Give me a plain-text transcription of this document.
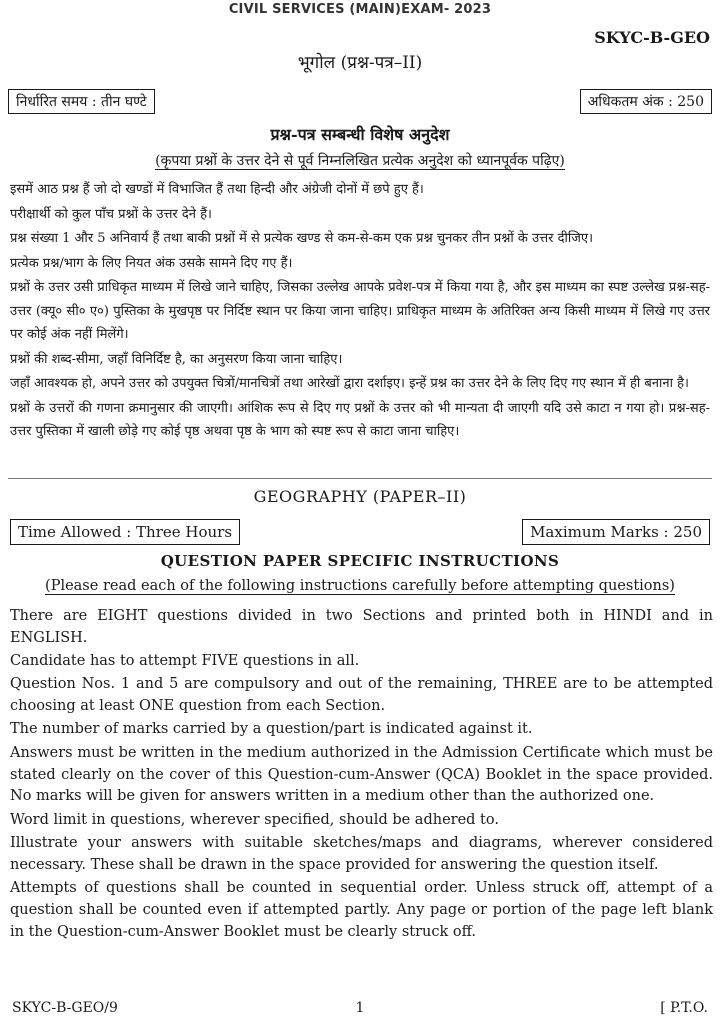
CIVIL SERVICES (MAIN)EXAM- 2023
SKYC-B-GEO
भूगोल (प्रश्न-पत्र–II)
निर्धारित समय : तीन घण्टे	अधिकतम अंक : 250
प्रश्न-पत्र सम्बन्धी विशेष अनुदेश
(कृपया प्रश्नों के उत्तर देने से पूर्व निम्नलिखित प्रत्येक अनुदेश को ध्यानपूर्वक पढ़िए)

इसमें आठ प्रश्न हैं जो दो खण्डों में विभाजित हैं तथा हिन्दी और अंग्रेजी दोनों में छपे हुए हैं।

परीक्षार्थी को कुल पाँच प्रश्नों के उत्तर देने हैं।

प्रश्न संख्या 1 और 5 अनिवार्य हैं तथा बाकी प्रश्नों में से प्रत्येक खण्ड से कम-से-कम एक प्रश्न चुनकर तीन प्रश्नों के उत्तर दीजिए।

प्रत्येक प्रश्न/भाग के लिए नियत अंक उसके सामने दिए गए हैं।

प्रश्नों के उत्तर उसी प्राधिकृत माध्यम में लिखे जाने चाहिए, जिसका उल्लेख आपके प्रवेश-पत्र में किया गया है, और इस माध्यम का स्पष्ट उल्लेख प्रश्न-सह-उत्तर (क्यू० सी० ए०) पुस्तिका के मुखपृष्ठ पर निर्दिष्ट स्थान पर किया जाना चाहिए। प्राधिकृत माध्यम के अतिरिक्त अन्य किसी माध्यम में लिखे गए उत्तर पर कोई अंक नहीं मिलेंगे।

प्रश्नों की शब्द-सीमा, जहाँ विनिर्दिष्ट है, का अनुसरण किया जाना चाहिए।

जहाँ आवश्यक हो, अपने उत्तर को उपयुक्त चित्रों/मानचित्रों तथा आरेखों द्वारा दर्शाइए। इन्हें प्रश्न का उत्तर देने के लिए दिए गए स्थान में ही बनाना है।

प्रश्नों के उत्तरों की गणना क्रमानुसार की जाएगी। आंशिक रूप से दिए गए प्रश्नों के उत्तर को भी मान्यता दी जाएगी यदि उसे काटा न गया हो। प्रश्न-सह-उत्तर पुस्तिका में खाली छोड़े गए कोई पृष्ठ अथवा पृष्ठ के भाग को स्पष्ट रूप से काटा जाना चाहिए।

GEOGRAPHY (PAPER–II)
Time Allowed : Three Hours	Maximum Marks : 250
QUESTION PAPER SPECIFIC INSTRUCTIONS
(Please read each of the following instructions carefully before attempting questions)

There are EIGHT questions divided in two Sections and printed both in HINDI and in ENGLISH.

Candidate has to attempt FIVE questions in all.

Question Nos. 1 and 5 are compulsory and out of the remaining, THREE are to be attempted choosing at least ONE question from each Section.

The number of marks carried by a question/part is indicated against it.

Answers must be written in the medium authorized in the Admission Certificate which must be stated clearly on the cover of this Question-cum-Answer (QCA) Booklet in the space provided. No marks will be given for answers written in a medium other than the authorized one.

Word limit in questions, wherever specified, should be adhered to.

Illustrate your answers with suitable sketches/maps and diagrams, wherever considered necessary. These shall be drawn in the space provided for answering the question itself.

Attempts of questions shall be counted in sequential order. Unless struck off, attempt of a question shall be counted even if attempted partly. Any page or portion of the page left blank in the Question-cum-Answer Booklet must be clearly struck off.

SKYC-B-GEO/9	1	[ P.T.O.
